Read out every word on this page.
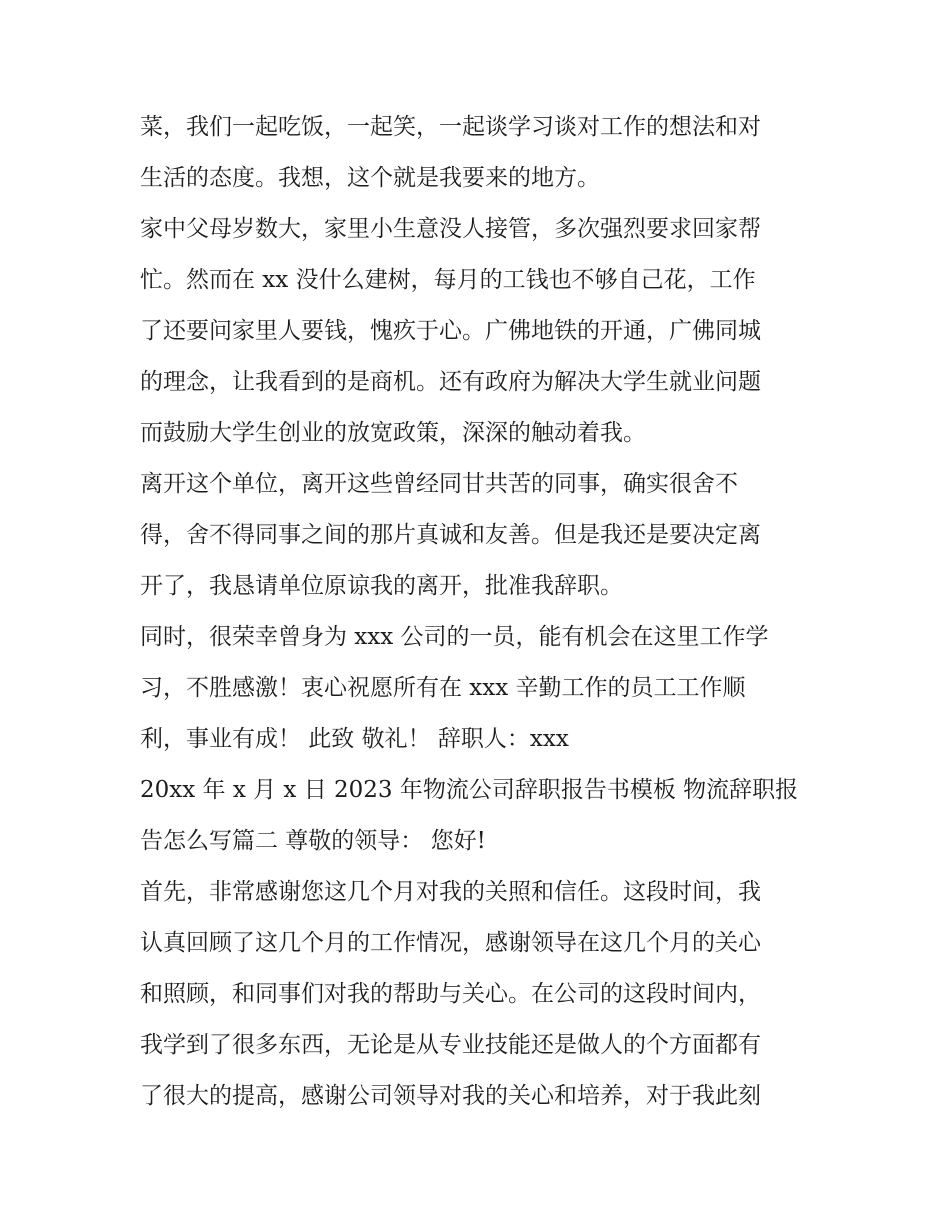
菜，我们一起吃饭，一起笑，一起谈学习谈对工作的想法和对
生活的态度。我想，这个就是我要来的地方。
家中父母岁数大，家里小生意没人接管，多次强烈要求回家帮
忙。然而在 xx 没什么建树，每月的工钱也不够自己花，工作
了还要问家里人要钱，愧疚于心。广佛地铁的开通，广佛同城
的理念，让我看到的是商机。还有政府为解决大学生就业问题
而鼓励大学生创业的放宽政策，深深的触动着我。
离开这个单位，离开这些曾经同甘共苦的同事，确实很舍不
得，舍不得同事之间的那片真诚和友善。但是我还是要决定离
开了，我恳请单位原谅我的离开，批准我辞职。
同时，很荣幸曾身为 xxx 公司的一员，能有机会在这里工作学
习，不胜感激！衷心祝愿所有在 xxx 辛勤工作的员工工作顺
利，事业有成！ 此致 敬礼！ 辞职人：xxx
20xx 年 x 月 x 日 2023 年物流公司辞职报告书模板 物流辞职报
告怎么写篇二 尊敬的领导： 您好!
首先，非常感谢您这几个月对我的关照和信任。这段时间，我
认真回顾了这几个月的工作情况，感谢领导在这几个月的关心
和照顾，和同事们对我的帮助与关心。在公司的这段时间内，
我学到了很多东西，无论是从专业技能还是做人的个方面都有
了很大的提高，感谢公司领导对我的关心和培养，对于我此刻
